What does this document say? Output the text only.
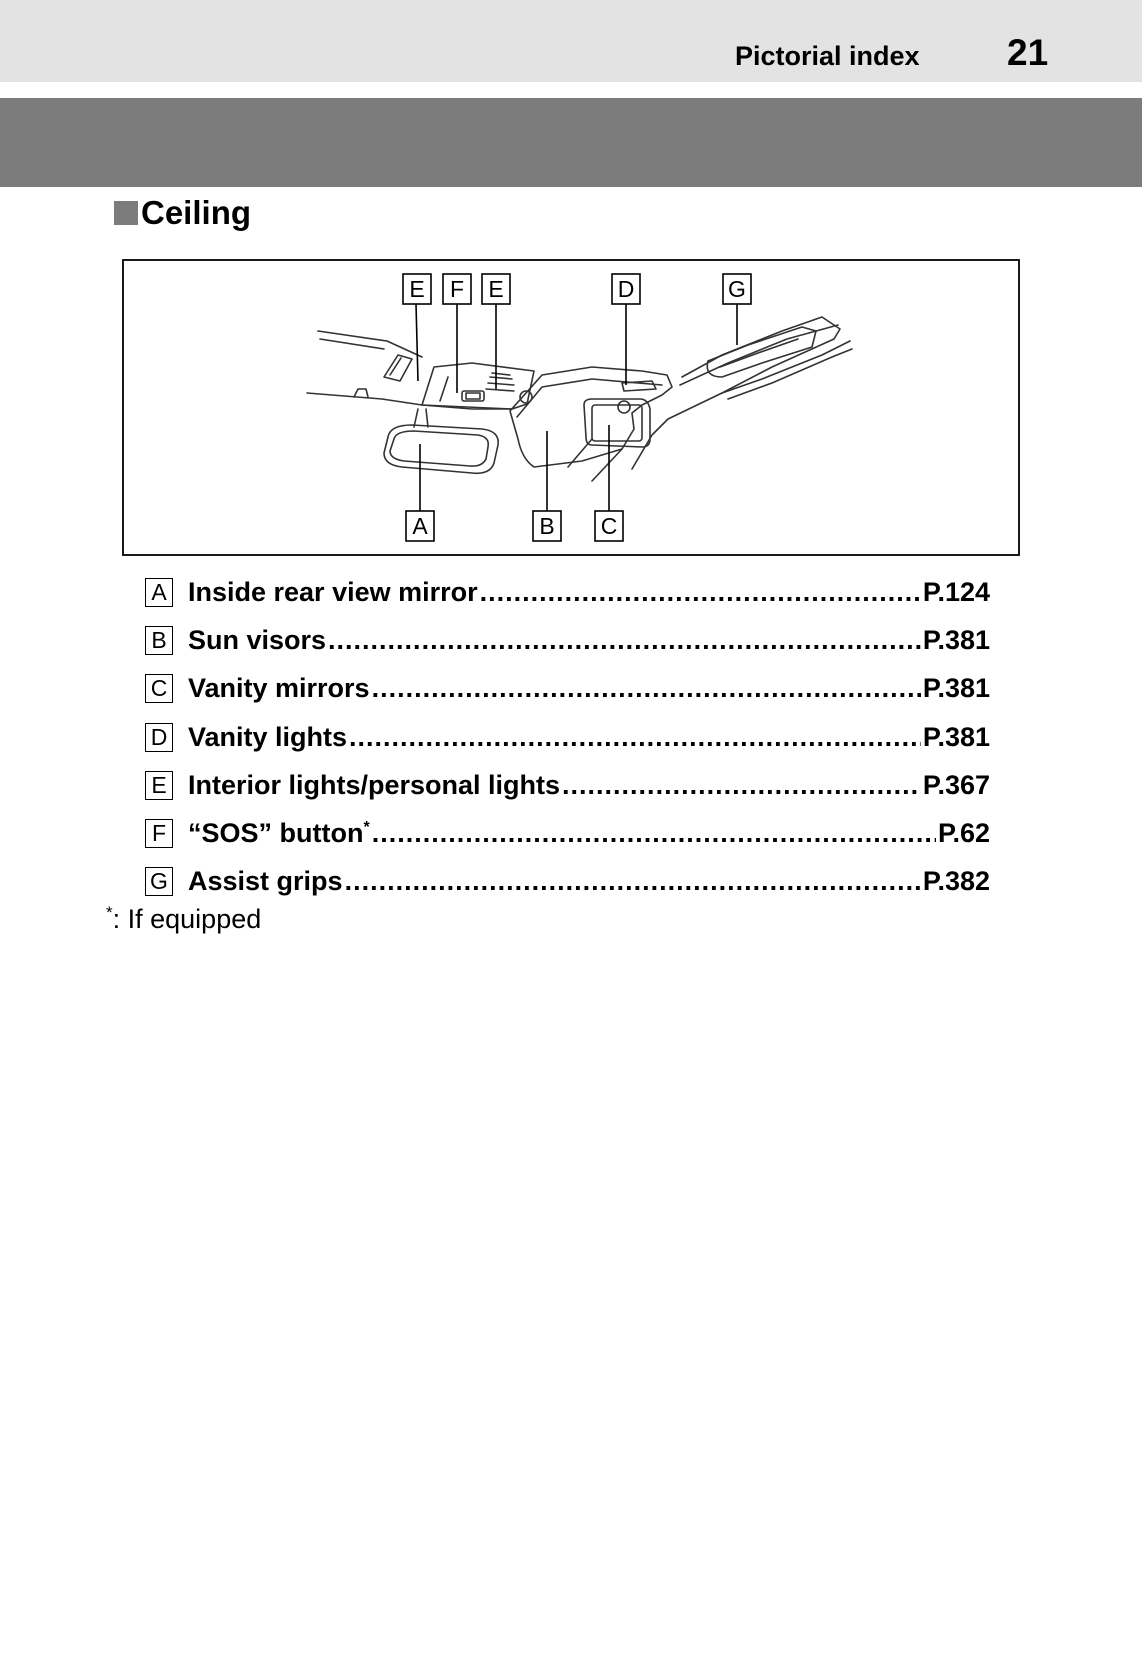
Pictorial index 21
Ceiling
E F E	D	G
A	B C
A Inside rear view mirror .....	P.124
B Sun visors .....	P.381
C Vanity mirrors .....	P.381
D Vanity lights .....	P.381
E Interior lights/personal lights .....	P.367
F “SOS” button* .....	P.62
G Assist grips .....	P.382
*: If equipped
